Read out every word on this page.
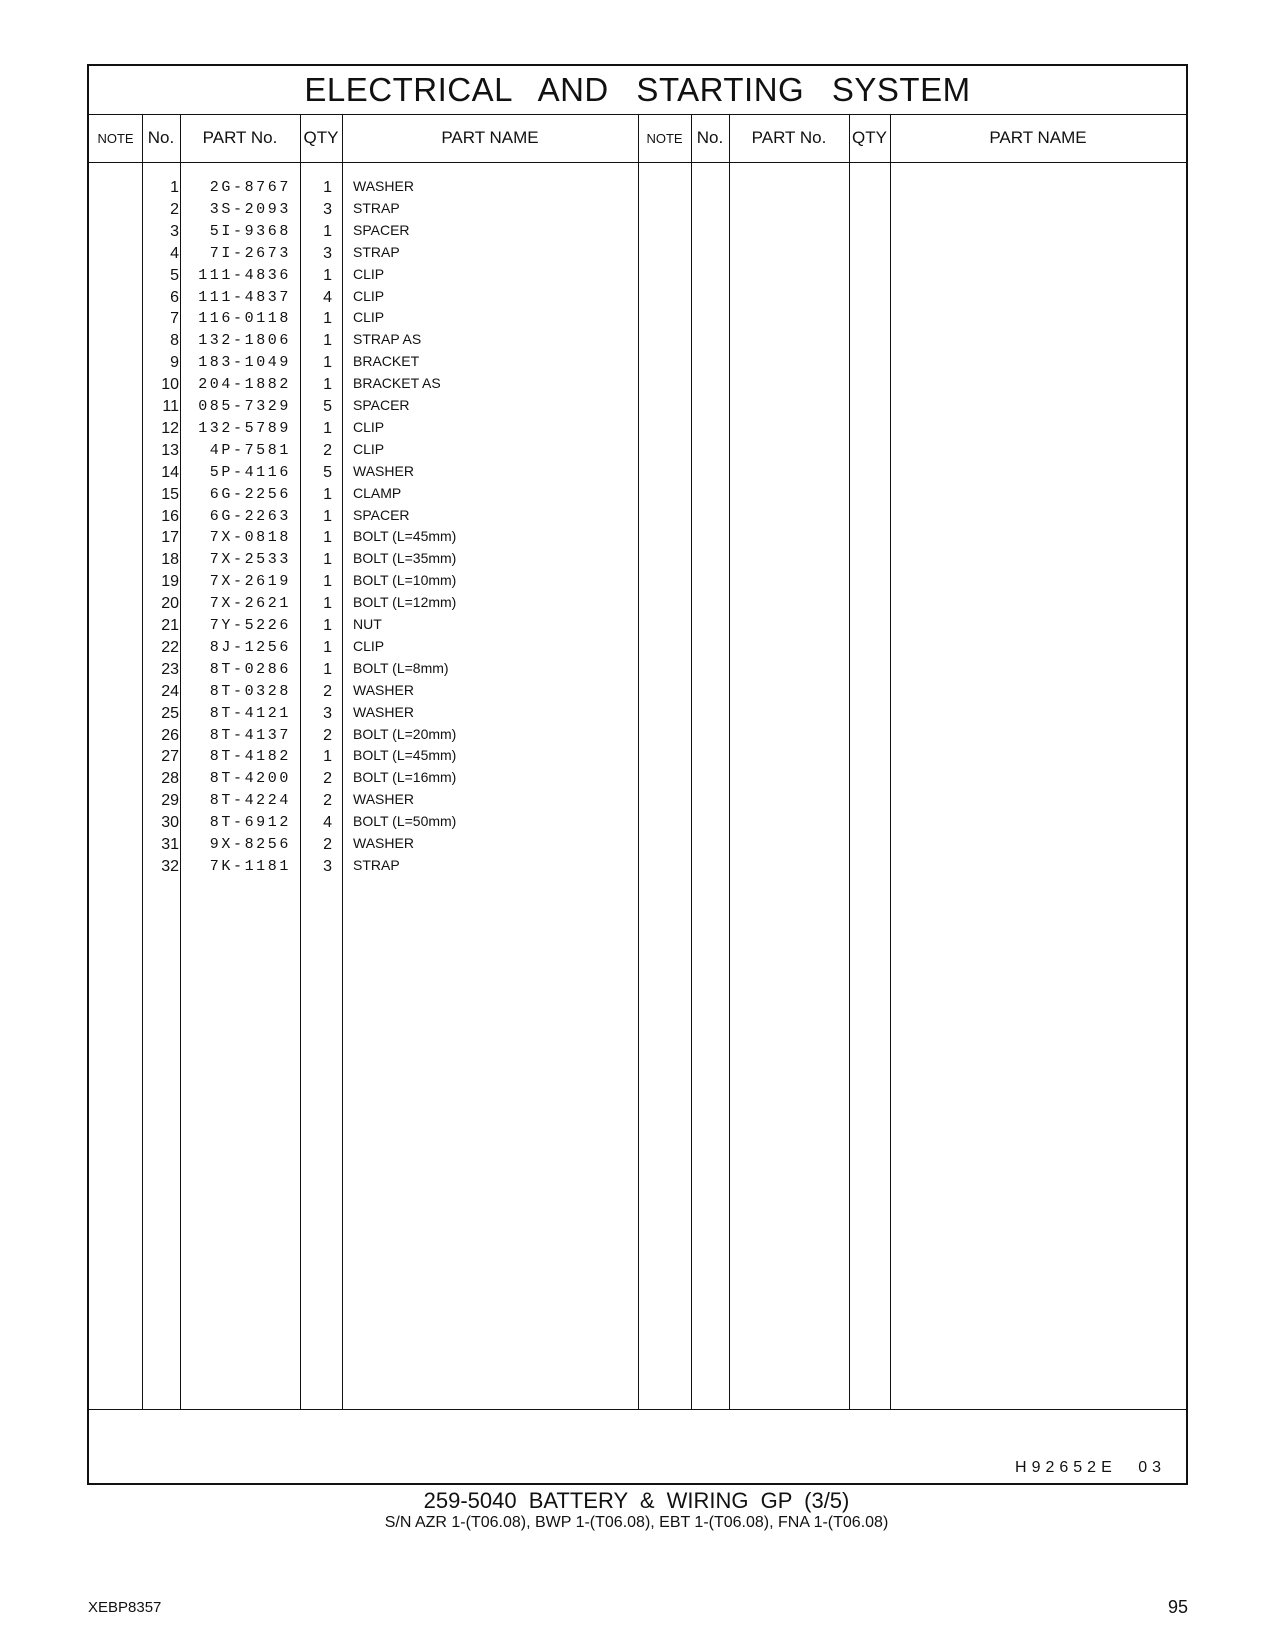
ELECTRICAL AND STARTING SYSTEM
NOTE No.	PART No.	QTY	PART NAME	NOTE No.	PART No.	QTY	PART NAME
1	2G-8767	1 WASHER
2	3S-2093	3 STRAP
3	5I-9368	1 SPACER
4	7I-2673	3 STRAP
5	111-4836	1 CLIP
6	111-4837	4 CLIP
7	116-0118	1 CLIP
8	132-1806	1 STRAP AS
9	183-1049	1 BRACKET
10	204-1882	1 BRACKET AS
11	085-7329	5 SPACER
12	132-5789	1 CLIP
13	4P-7581	2 CLIP
14	5P-4116	5 WASHER
15	6G-2256	1 CLAMP
16	6G-2263	1 SPACER
17	7X-0818	1 BOLT (L=45mm)
18	7X-2533	1 BOLT (L=35mm)
19	7X-2619	1 BOLT (L=10mm)
20	7X-2621	1 BOLT (L=12mm)
21	7Y-5226	1 NUT
22	8J-1256	1 CLIP
23	8T-0286	1 BOLT (L=8mm)
24	8T-0328	2 WASHER
25	8T-4121	3 WASHER
26	8T-4137	2 BOLT (L=20mm)
27	8T-4182	1 BOLT (L=45mm)
28	8T-4200	2 BOLT (L=16mm)
29	8T-4224	2 WASHER
30	8T-6912	4 BOLT (L=50mm)
31	9X-8256	2 WASHER
32	7K-1181	3 STRAP
H92652E 03
259-5040 BATTERY & WIRING GP (3/5)
S/N AZR 1-(T06.08), BWP 1-(T06.08), EBT 1-(T06.08), FNA 1-(T06.08)
XEBP8357	95
